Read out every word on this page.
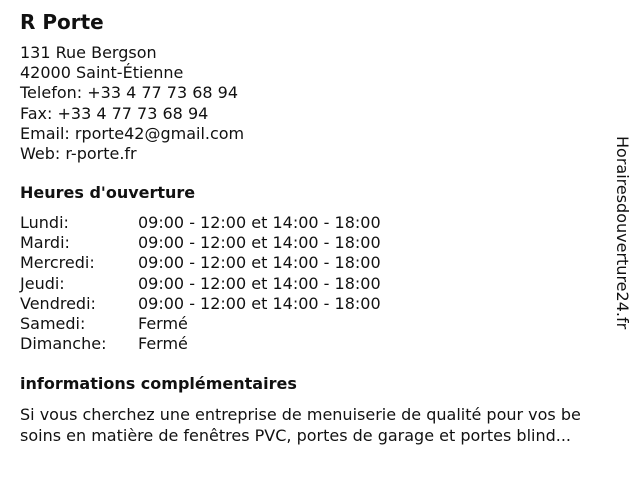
R Porte
131 Rue Bergson
42000 Saint-Étienne
Telefon: +33 4 77 73 68 94
Fax: +33 4 77 73 68 94
Email: rporte42@gmail.com
Web: r-porte.fr
Heures d'ouverture
Lundi:	09:00 - 12:00 et 14:00 - 18:00
Mardi:	09:00 - 12:00 et 14:00 - 18:00
Mercredi:	09:00 - 12:00 et 14:00 - 18:00
Jeudi:	09:00 - 12:00 et 14:00 - 18:00
Vendredi:	09:00 - 12:00 et 14:00 - 18:00
Samedi:	Fermé
Dimanche: Fermé
informations complémentaires

Si vous cherchez une entreprise de menuiserie de qualité pour vos be
soins en matière de fenêtres PVC, portes de garage et portes blind...

Horairesdouverture24.fr
